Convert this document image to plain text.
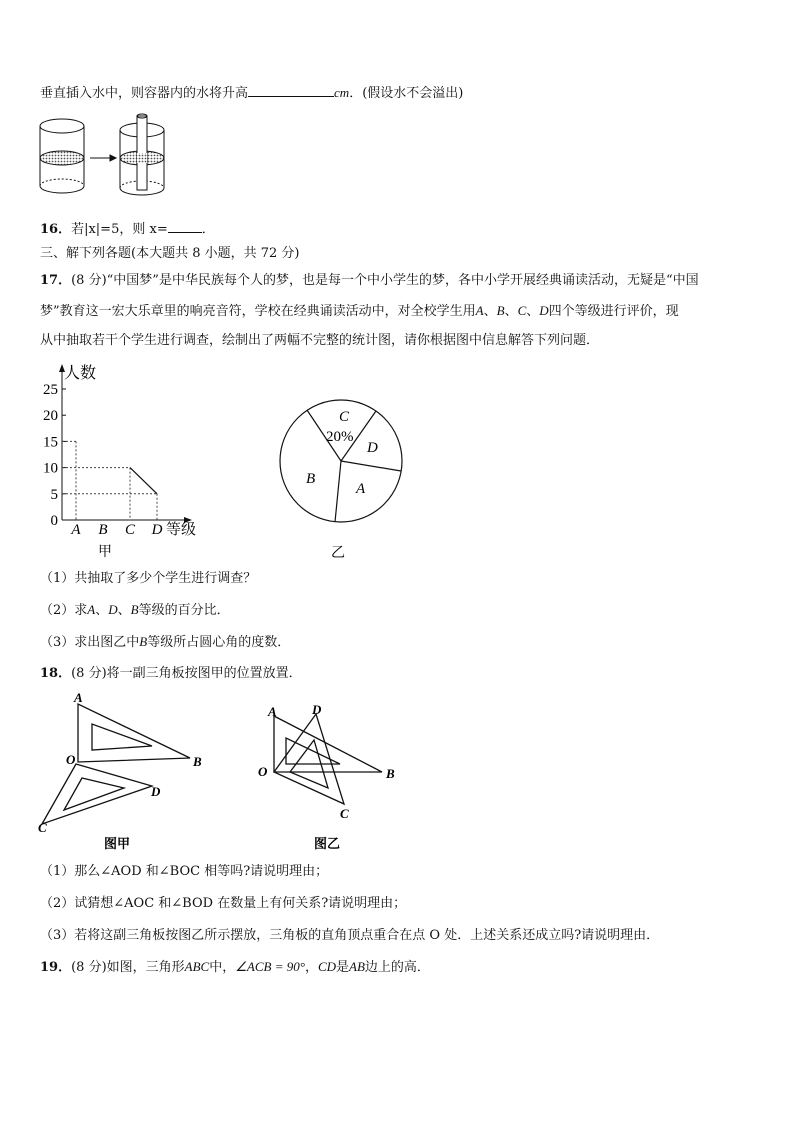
垂直插入水中，则容器内的水将升高	cm．(假设水不会溢出)
16．若|x|=5，则 x=	．
三、解下列各题(本大题共 8 小题，共 72 分)
17．(8 分)“中国梦”是中华民族每个人的梦，也是每一个中小学生的梦，各中小学开展经典诵读活动，无疑是“中国
梦”教育这一宏大乐章里的响亮音符，学校在经典诵读活动中，对全校学生用A、B、C、D四个等级进行评价，现
从中抽取若干个学生进行调查，绘制出了两幅不完整的统计图，请你根据图中信息解答下列问题．
人数
等级
0
5
10
15
20
25
A B C D
甲
C
20%
D
B
A
乙
（1）共抽取了多少个学生进行调查？
（2）求A、D、B等级的百分比．
（3）求出图乙中B等级所占圆心角的度数．
18．(8 分)将一副三角板按图甲的位置放置．
A
O	B
D
C
图甲
A	D
O	B
C
图乙
（1）那么∠AOD 和∠BOC 相等吗?请说明理由；
（2）试猜想∠AOC 和∠BOD 在数量上有何关系?请说明理由；
（3）若将这副三角板按图乙所示摆放，三角板的直角顶点重合在点 O 处．上述关系还成立吗?请说明理由．
19．(8 分)如图，三角形ABC中，∠ACB = 90°，CD是AB边上的高．
